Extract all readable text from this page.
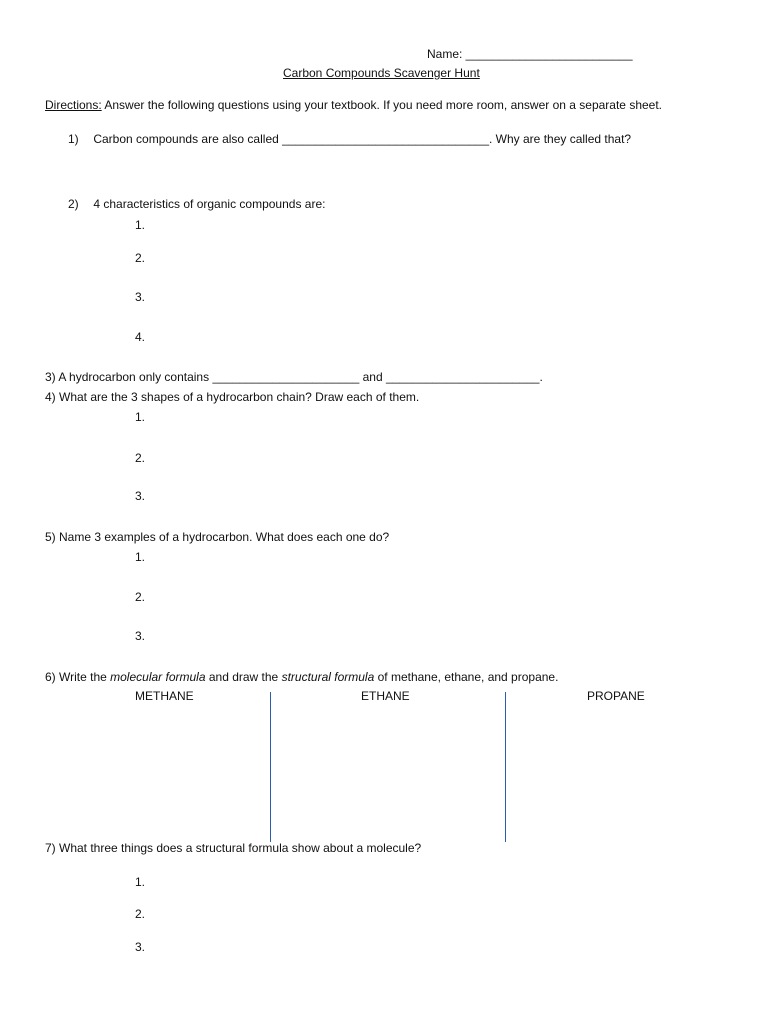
Name: _________________________
Carbon Compounds Scavenger Hunt
Directions: Answer the following questions using your textbook. If you need more room, answer on a separate sheet.
1) Carbon compounds are also called _______________________________. Why are they called that?
2) 4 characteristics of organic compounds are:
1.
2.
3.
4.
3) A hydrocarbon only contains ______________________ and _______________________.
4) What are the 3 shapes of a hydrocarbon chain? Draw each of them.
1.
2.
3.
5) Name 3 examples of a hydrocarbon. What does each one do?
1.
2.
3.
6) Write the molecular formula and draw the structural formula of methane, ethane, and propane.
METHANE	ETHANE	PROPANE
7) What three things does a structural formula show about a molecule?
1.
2.
3.
